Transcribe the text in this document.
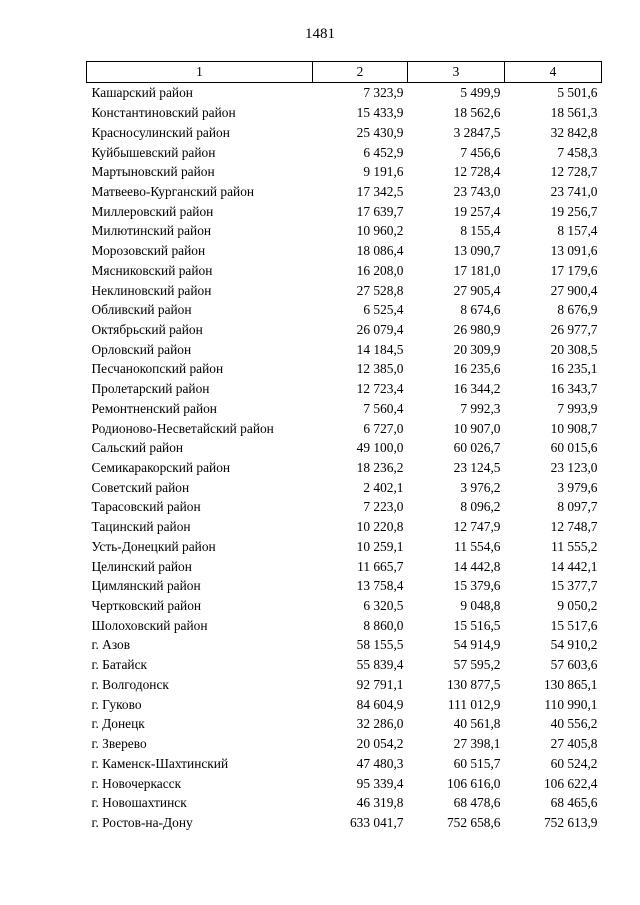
1481
1	2	3	4
Кашарский район	7 323,9	5 499,9	5 501,6
Константиновский район	15 433,9	18 562,6	18 561,3
Красносулинский район	25 430,9	3 2847,5	32 842,8
Куйбышевский район	6 452,9	7 456,6	7 458,3
Мартыновский район	9 191,6	12 728,4	12 728,7
Матвеево-Курганский район	17 342,5	23 743,0	23 741,0
Миллеровский район	17 639,7	19 257,4	19 256,7
Милютинский район	10 960,2	8 155,4	8 157,4
Морозовский район	18 086,4	13 090,7	13 091,6
Мясниковский район	16 208,0	17 181,0	17 179,6
Неклиновский район	27 528,8	27 905,4	27 900,4
Обливский район	6 525,4	8 674,6	8 676,9
Октябрьский район	26 079,4	26 980,9	26 977,7
Орловский район	14 184,5	20 309,9	20 308,5
Песчанокопский район	12 385,0	16 235,6	16 235,1
Пролетарский район	12 723,4	16 344,2	16 343,7
Ремонтненский район	7 560,4	7 992,3	7 993,9
Родионово-Несветайский район	6 727,0	10 907,0	10 908,7
Сальский район	49 100,0	60 026,7	60 015,6
Семикаракорский район	18 236,2	23 124,5	23 123,0
Советский район	2 402,1	3 976,2	3 979,6
Тарасовский район	7 223,0	8 096,2	8 097,7
Тацинский район	10 220,8	12 747,9	12 748,7
Усть-Донецкий район	10 259,1	11 554,6	11 555,2
Целинский район	11 665,7	14 442,8	14 442,1
Цимлянский район	13 758,4	15 379,6	15 377,7
Чертковский район	6 320,5	9 048,8	9 050,2
Шолоховский район	8 860,0	15 516,5	15 517,6
г. Азов	58 155,5	54 914,9	54 910,2
г. Батайск	55 839,4	57 595,2	57 603,6
г. Волгодонск	92 791,1	130 877,5	130 865,1
г. Гуково	84 604,9	111 012,9	110 990,1
г. Донецк	32 286,0	40 561,8	40 556,2
г. Зверево	20 054,2	27 398,1	27 405,8
г. Каменск-Шахтинский	47 480,3	60 515,7	60 524,2
г. Новочеркасск	95 339,4	106 616,0	106 622,4
г. Новошахтинск	46 319,8	68 478,6	68 465,6
г. Ростов-на-Дону	633 041,7	752 658,6	752 613,9
